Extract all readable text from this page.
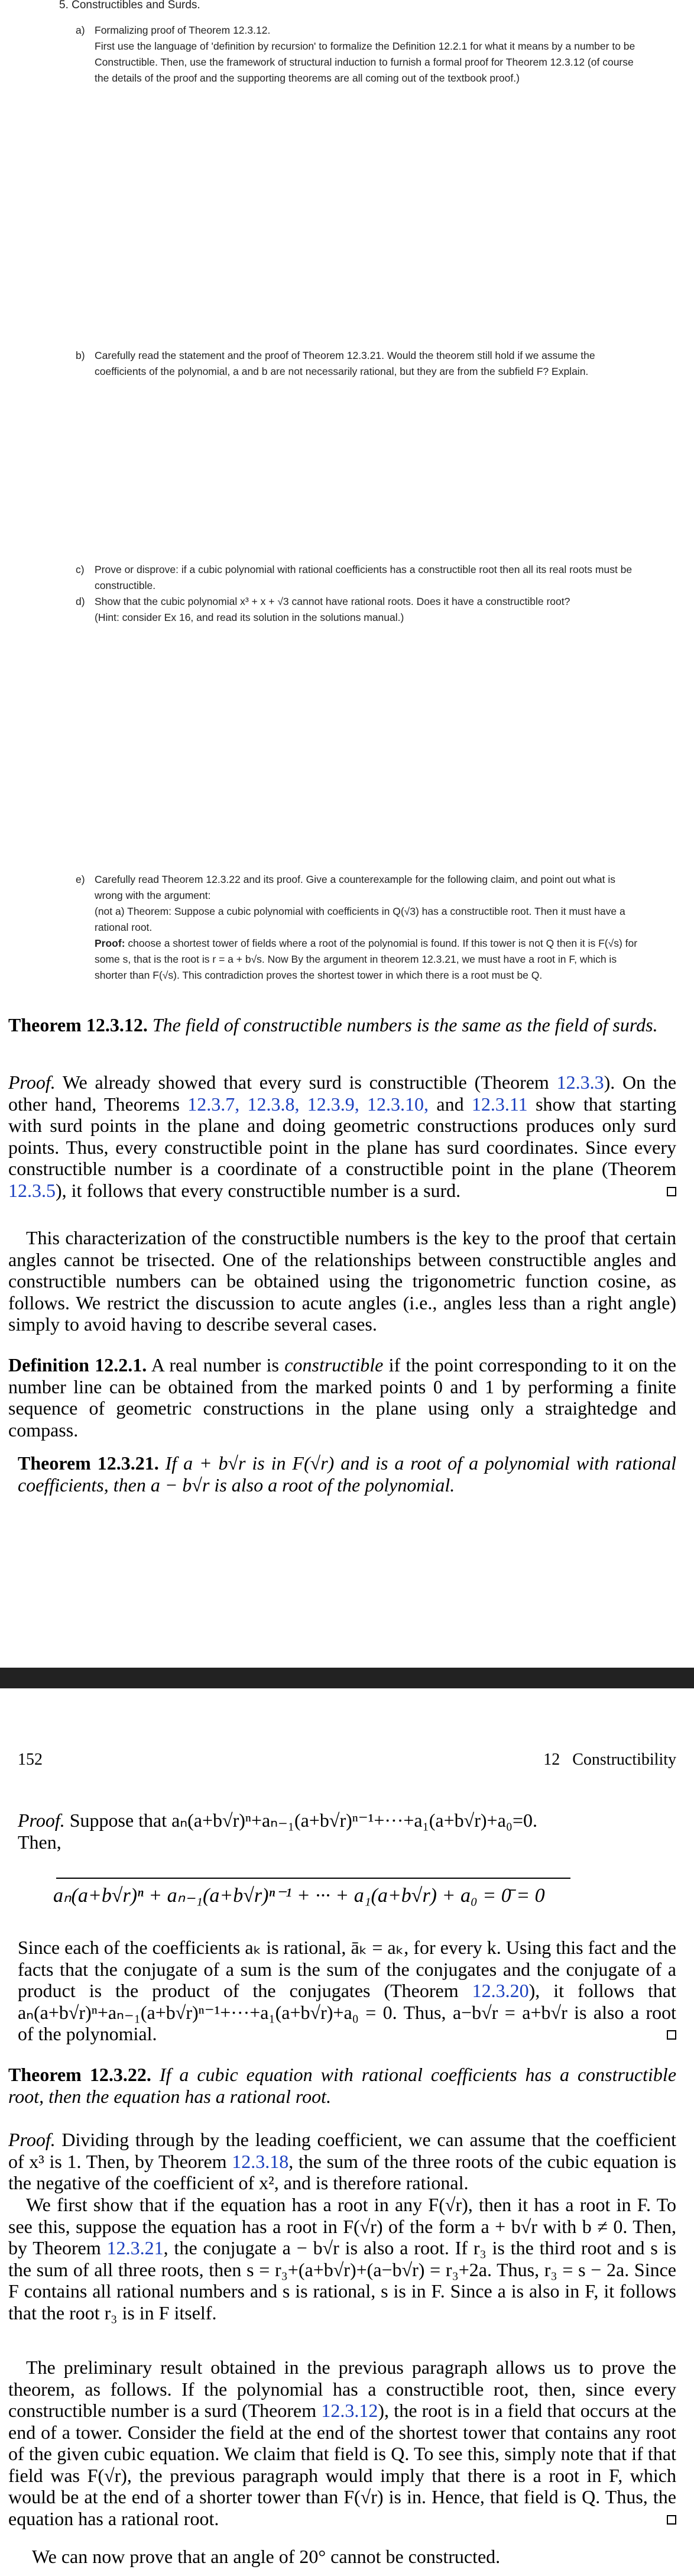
5. Constructibles and Surds.
a) Formalizing proof of Theorem 12.3.12.
First use the language of 'definition by recursion' to formalize the Definition 12.2.1 for what it means by a number to be Constructible. Then, use the framework of structural induction to furnish a formal proof for Theorem 12.3.12 (of course the details of the proof and the supporting theorems are all coming out of the textbook proof.)
b) Carefully read the statement and the proof of Theorem 12.3.21. Would the theorem still hold if we assume the coefficients of the polynomial, a and b are not necessarily rational, but they are from the subfield F? Explain.
c) Prove or disprove: if a cubic polynomial with rational coefficients has a constructible root then all its real roots must be constructible.
d) Show that the cubic polynomial x³ + x + √3 cannot have rational roots. Does it have a constructible root?
(Hint: consider Ex 16, and read its solution in the solutions manual.)
e) Carefully read Theorem 12.3.22 and its proof. Give a counterexample for the following claim, and point out what is wrong with the argument:
(not a) Theorem: Suppose a cubic polynomial with coefficients in Q(√3) has a constructible root. Then it must have a rational root.
Proof: choose a shortest tower of fields where a root of the polynomial is found. If this tower is not Q then it is F(√s) for some s, that is the root is r = a + b√s. Now By the argument in theorem 12.3.21, we must have a root in F, which is shorter than F(√s). This contradiction proves the shortest tower in which there is a root must be Q.
Theorem 12.3.12. The field of constructible numbers is the same as the field of surds.
Proof. We already showed that every surd is constructible (Theorem 12.3.3). On the other hand, Theorems 12.3.7, 12.3.8, 12.3.9, 12.3.10, and 12.3.11 show that starting with surd points in the plane and doing geometric constructions produces only surd points. Thus, every constructible point in the plane has surd coordinates. Since every constructible number is a coordinate of a constructible point in the plane (Theorem 12.3.5), it follows that every constructible number is a surd.
This characterization of the constructible numbers is the key to the proof that certain angles cannot be trisected. One of the relationships between constructible angles and constructible numbers can be obtained using the trigonometric function cosine, as follows. We restrict the discussion to acute angles (i.e., angles less than a right angle) simply to avoid having to describe several cases.
Definition 12.2.1. A real number is constructible if the point corresponding to it on the number line can be obtained from the marked points 0 and 1 by performing a finite sequence of geometric constructions in the plane using only a straightedge and compass.
Theorem 12.3.21. If a + b√r is in F(√r) and is a root of a polynomial with rational coefficients, then a − b√r is also a root of the polynomial.
152	12   Constructibility
Proof. Suppose that aₙ(a+b√r)ⁿ+aₙ₋₁(a+b√r)ⁿ⁻¹+···+a₁(a+b√r)+a₀=0.
Then,
aₙ(a+b√r)ⁿ + aₙ₋₁(a+b√r)ⁿ⁻¹ + ··· + a₁(a+b√r) + a₀ = 0̄ = 0
Since each of the coefficients aₖ is rational, āₖ = aₖ, for every k. Using this fact and the facts that the conjugate of a sum is the sum of the conjugates and the conjugate of a product is the product of the conjugates (Theorem 12.3.20), it follows that aₙ(a+b√r)ⁿ+aₙ₋₁(a+b√r)ⁿ⁻¹+···+a₁(a+b√r)+a₀ = 0. Thus, a−b√r = a+b√r is also a root of the polynomial.
Theorem 12.3.22. If a cubic equation with rational coefficients has a constructible root, then the equation has a rational root.
Proof. Dividing through by the leading coefficient, we can assume that the coefficient of x³ is 1. Then, by Theorem 12.3.18, the sum of the three roots of the cubic equation is the negative of the coefficient of x², and is therefore rational.
We first show that if the equation has a root in any F(√r), then it has a root in F. To see this, suppose the equation has a root in F(√r) of the form a + b√r with b ≠ 0. Then, by Theorem 12.3.21, the conjugate a − b√r is also a root. If r₃ is the third root and s is the sum of all three roots, then s = r₃+(a+b√r)+(a−b√r) = r₃+2a. Thus, r₃ = s − 2a. Since F contains all rational numbers and s is rational, s is in F. Since a is also in F, it follows that the root r₃ is in F itself.
The preliminary result obtained in the previous paragraph allows us to prove the theorem, as follows. If the polynomial has a constructible root, then, since every constructible number is a surd (Theorem 12.3.12), the root is in a field that occurs at the end of a tower. Consider the field at the end of the shortest tower that contains any root of the given cubic equation. We claim that field is Q. To see this, simply note that if that field was F(√r), the previous paragraph would imply that there is a root in F, which would be at the end of a shorter tower than F(√r) is in. Hence, that field is Q. Thus, the equation has a rational root.
We can now prove that an angle of 20° cannot be constructed.
